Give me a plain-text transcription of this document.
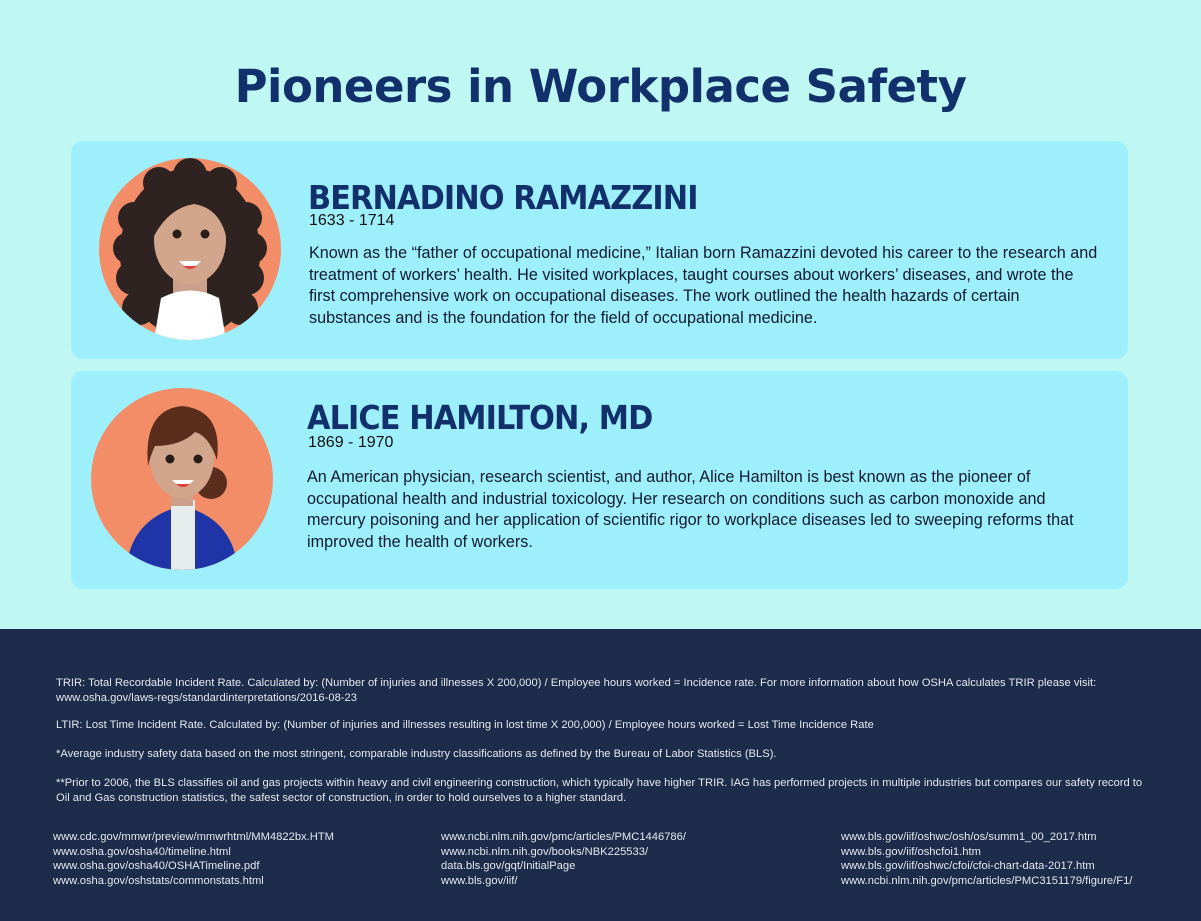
Pioneers in Workplace Safety
BERNADINO RAMAZZINI
1633 - 1714

Known as the “father of occupational medicine,” Italian born Ramazzini devoted his career to the research and treatment of workers’ health. He visited workplaces, taught courses about workers’ diseases, and wrote the first comprehensive work on occupational diseases. The work outlined the health hazards of certain substances and is the foundation for the field of occupational medicine.

ALICE HAMILTON, MD
1869 - 1970

An American physician, research scientist, and author, Alice Hamilton is best known as the pioneer of occupational health and industrial toxicology. Her research on conditions such as carbon monoxide and mercury poisoning and her application of scientific rigor to workplace diseases led to sweeping reforms that improved the health of workers.

TRIR: Total Recordable Incident Rate. Calculated by: (Number of injuries and illnesses X 200,000) / Employee hours worked = Incidence rate. For more information about how OSHA calculates TRIR please visit: www.osha.gov/laws-regs/standardinterpretations/2016-08-23

LTIR: Lost Time Incident Rate. Calculated by: (Number of injuries and illnesses resulting in lost time X 200,000) / Employee hours worked = Lost Time Incidence Rate

*Average industry safety data based on the most stringent, comparable industry classifications as defined by the Bureau of Labor Statistics (BLS).

**Prior to 2006, the BLS classifies oil and gas projects within heavy and civil engineering construction, which typically have higher TRIR. IAG has performed projects in multiple industries but compares our safety record to Oil and Gas construction statistics, the safest sector of construction, in order to hold ourselves to a higher standard.

www.cdc.gov/mmwr/preview/mmwrhtml/MM4822bx.HTM
www.osha.gov/osha40/timeline.html
www.osha.gov/osha40/OSHATimeline.pdf
www.osha.gov/oshstats/commonstats.html
www.ncbi.nlm.nih.gov/pmc/articles/PMC1446786/
www.ncbi.nlm.nih.gov/books/NBK225533/
data.bls.gov/gqt/InitialPage
www.bls.gov/iif/
www.bls.gov/iif/oshwc/osh/os/summ1_00_2017.htm
www.bls.gov/iif/oshcfoi1.htm
www.bls.gov/iif/oshwc/cfoi/cfoi-chart-data-2017.htm
www.ncbi.nlm.nih.gov/pmc/articles/PMC3151179/figure/F1/
